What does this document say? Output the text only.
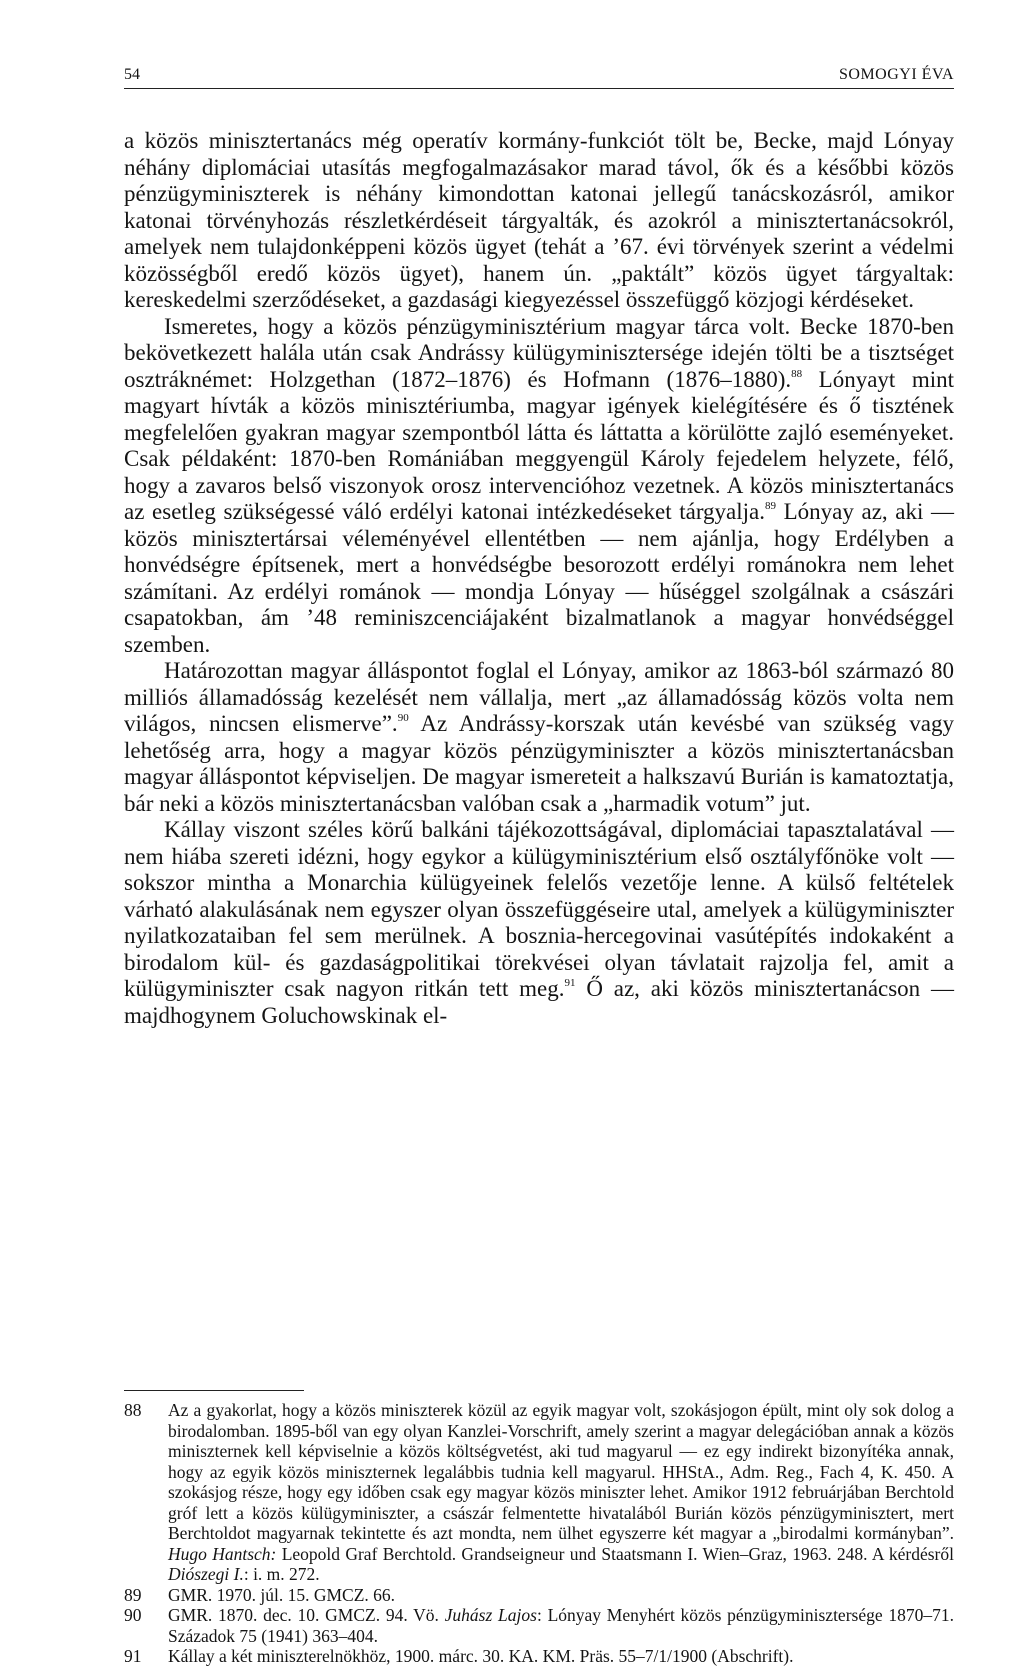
54	SOMOGYI ÉVA

a közös minisztertanács még operatív kormány-funkciót tölt be, Becke, majd Lónyay néhány diplomáciai utasítás megfogalmazásakor marad távol, ők és a későbbi közös pénzügyminiszterek is néhány kimondottan katonai jellegű tanácskozásról, amikor katonai törvényhozás részletkérdéseit tárgyalták, és azokról a minisztertanácsokról, amelyek nem tulajdonképpeni közös ügyet (tehát a ’67. évi törvények szerint a védelmi közösségből eredő közös ügyet), hanem ún. „paktált” közös ügyet tárgyaltak: kereskedelmi szerződéseket, a gazdasági kiegyezéssel összefüggő közjogi kérdéseket.

Ismeretes, hogy a közös pénzügyminisztérium magyar tárca volt. Becke 1870-ben bekövetkezett halála után csak Andrássy külügyminisztersége idején tölti be a tisztséget osztráknémet: Holzgethan (1872–1876) és Hofmann (1876–1880).$^{88}$ Lónyayt mint magyart hívták a közös minisztériumba, magyar igények kielégítésére és ő tisztének megfelelően gyakran magyar szempontból látta és láttatta a körülötte zajló eseményeket. Csak példaként: 1870-ben Romániában meggyengül Károly fejedelem helyzete, félő, hogy a zavaros belső viszonyok orosz intervencióhoz vezetnek. A közös minisztertanács az esetleg szükségessé váló erdélyi katonai intézkedéseket tárgyalja.$^{89}$ Lónyay az, aki — közös minisztertársai véleményével ellentétben — nem ajánlja, hogy Erdélyben a honvédségre építsenek, mert a honvédségbe besorozott erdélyi románokra nem lehet számítani. Az erdélyi románok — mondja Lónyay — hűséggel szolgálnak a császári csapatokban, ám ’48 reminiszcenciájaként bizalmatlanok a magyar honvédséggel szemben.

Határozottan magyar álláspontot foglal el Lónyay, amikor az 1863-ból származó 80 milliós államadósság kezelését nem vállalja, mert „az államadósság közös volta nem világos, nincsen elismerve”.$^{90}$ Az Andrássy-korszak után kevésbé van szükség vagy lehetőség arra, hogy a magyar közös pénzügyminiszter a közös minisztertanácsban magyar álláspontot képviseljen. De magyar ismereteit a halkszavú Burián is kamatoztatja, bár neki a közös minisztertanácsban valóban csak a „harmadik votum” jut.

Kállay viszont széles körű balkáni tájékozottságával, diplomáciai tapasztalatával — nem hiába szereti idézni, hogy egykor a külügyminisztérium első osztályfőnöke volt — sokszor mintha a Monarchia külügyeinek felelős vezetője lenne. A külső feltételek várható alakulásának nem egyszer olyan összefüggéseire utal, amelyek a külügyminiszter nyilatkozataiban fel sem merülnek. A bosznia-hercegovinai vasútépítés indokaként a birodalom kül- és gazdaságpolitikai törekvései olyan távlatait rajzolja fel, amit a külügyminiszter csak nagyon ritkán tett meg.$^{91}$ Ő az, aki közös minisztertanácson — majdhogynem Goluchowskinak el-

88 Az a gyakorlat, hogy a közös miniszterek közül az egyik magyar volt, szokásjogon épült, mint oly sok dolog a birodalomban. 1895-ből van egy olyan Kanzlei-Vorschrift, amely szerint a magyar delegációban annak a közös miniszternek kell képviselnie a közös költségvetést, aki tud magyarul — ez egy indirekt bizonyítéka annak, hogy az egyik közös miniszternek legalábbis tudnia kell magyarul. HHStA., Adm. Reg., Fach 4, K. 450. A szokásjog része, hogy egy időben csak egy magyar közös miniszter lehet. Amikor 1912 februárjában Berchtold gróf lett a közös külügyminiszter, a császár felmentette hivatalából Burián közös pénzügyminisztert, mert Berchtoldot magyarnak tekintette és azt mondta, nem ülhet egyszerre két magyar a „birodalmi kormányban”. Hugo Hantsch: Leopold Graf Berchtold. Grandseigneur und Staatsmann I. Wien–Graz, 1963. 248. A kérdésről Diószegi I.: i. m. 272.
89 GMR. 1970. júl. 15. GMCZ. 66.
90 GMR. 1870. dec. 10. GMCZ. 94. Vö. Juhász Lajos: Lónyay Menyhért közös pénzügyminisztersége 1870–71. Századok 75 (1941) 363–404.
91 Kállay a két miniszterelnökhöz, 1900. márc. 30. KA. KM. Präs. 55–7/1/1900 (Abschrift).
